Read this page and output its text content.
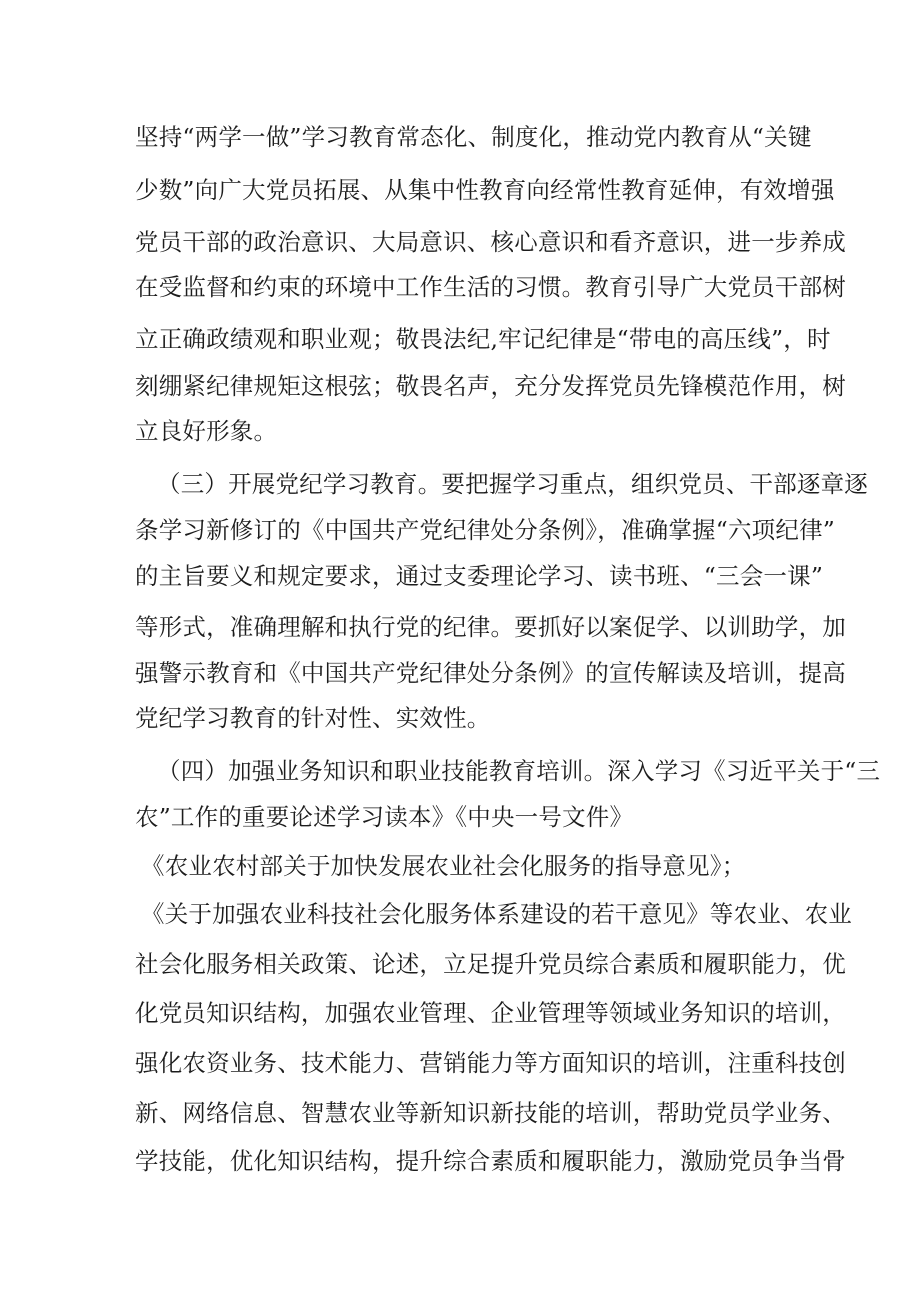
坚持“两学一做”学习教育常态化、制度化，推动党内教育从“关键
少数”向广大党员拓展、从集中性教育向经常性教育延伸，有效增强
党员干部的政治意识、大局意识、核心意识和看齐意识，进一步养成
在受监督和约束的环境中工作生活的习惯。教育引导广大党员干部树
立正确政绩观和职业观；敬畏法纪,牢记纪律是“带电的高压线”，时
刻绷紧纪律规矩这根弦；敬畏名声，充分发挥党员先锋模范作用，树
立良好形象。
（三）开展党纪学习教育。要把握学习重点，组织党员、干部逐章逐
条学习新修订的《中国共产党纪律处分条例》，准确掌握“六项纪律”
的主旨要义和规定要求，通过支委理论学习、读书班、“三会一课”
等形式，准确理解和执行党的纪律。要抓好以案促学、以训助学，加
强警示教育和《中国共产党纪律处分条例》的宣传解读及培训，提高
党纪学习教育的针对性、实效性。
（四）加强业务知识和职业技能教育培训。深入学习《习近平关于“三
农”工作的重要论述学习读本》《中央一号文件》
《农业农村部关于加快发展农业社会化服务的指导意见》；
《关于加强农业科技社会化服务体系建设的若干意见》等农业、农业
社会化服务相关政策、论述，立足提升党员综合素质和履职能力，优
化党员知识结构，加强农业管理、企业管理等领域业务知识的培训，
强化农资业务、技术能力、营销能力等方面知识的培训，注重科技创
新、网络信息、智慧农业等新知识新技能的培训，帮助党员学业务、
学技能，优化知识结构，提升综合素质和履职能力，激励党员争当骨
